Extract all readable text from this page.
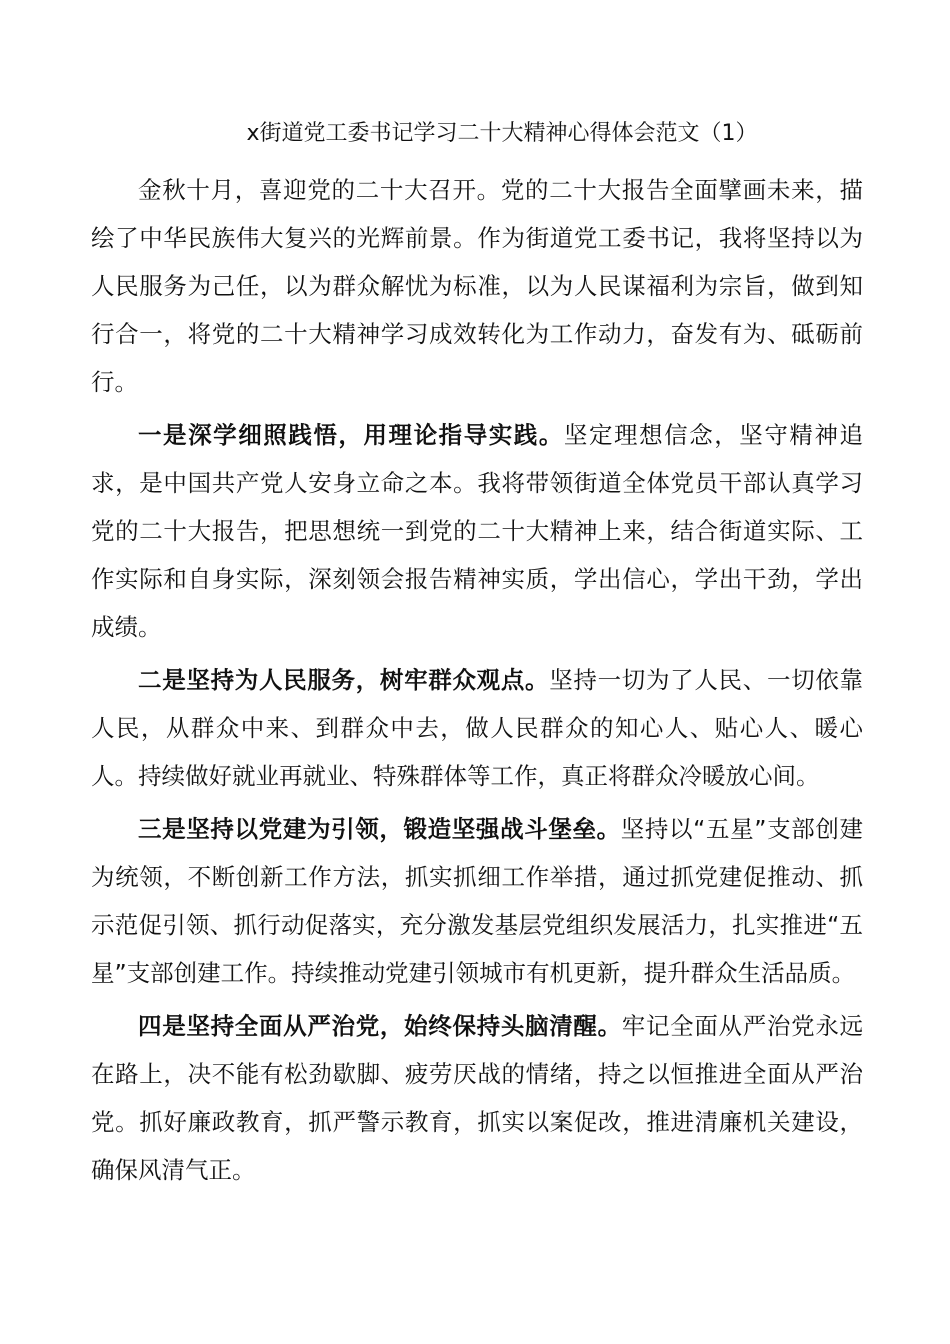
x街道党工委书记学习二十大精神心得体会范文（1）

金秋十月，喜迎党的二十大召开。党的二十大报告全面擘画未来，描绘了中华民族伟大复兴的光辉前景。作为街道党工委书记，我将坚持以为人民服务为己任，以为群众解忧为标准，以为人民谋福利为宗旨，做到知行合一，将党的二十大精神学习成效转化为工作动力，奋发有为、砥砺前行。

一是深学细照践悟，用理论指导实践。坚定理想信念，坚守精神追求，是中国共产党人安身立命之本。我将带领街道全体党员干部认真学习党的二十大报告，把思想统一到党的二十大精神上来，结合街道实际、工作实际和自身实际，深刻领会报告精神实质，学出信心，学出干劲，学出成绩。

二是坚持为人民服务，树牢群众观点。坚持一切为了人民、一切依靠人民，从群众中来、到群众中去，做人民群众的知心人、贴心人、暖心人。持续做好就业再就业、特殊群体等工作，真正将群众冷暖放心间。

三是坚持以党建为引领，锻造坚强战斗堡垒。坚持以“五星”支部创建为统领，不断创新工作方法，抓实抓细工作举措，通过抓党建促推动、抓示范促引领、抓行动促落实，充分激发基层党组织发展活力，扎实推进“五星”支部创建工作。持续推动党建引领城市有机更新，提升群众生活品质。

四是坚持全面从严治党，始终保持头脑清醒。牢记全面从严治党永远在路上，决不能有松劲歇脚、疲劳厌战的情绪，持之以恒推进全面从严治党。抓好廉政教育，抓严警示教育，抓实以案促改，推进清廉机关建设，确保风清气正。
